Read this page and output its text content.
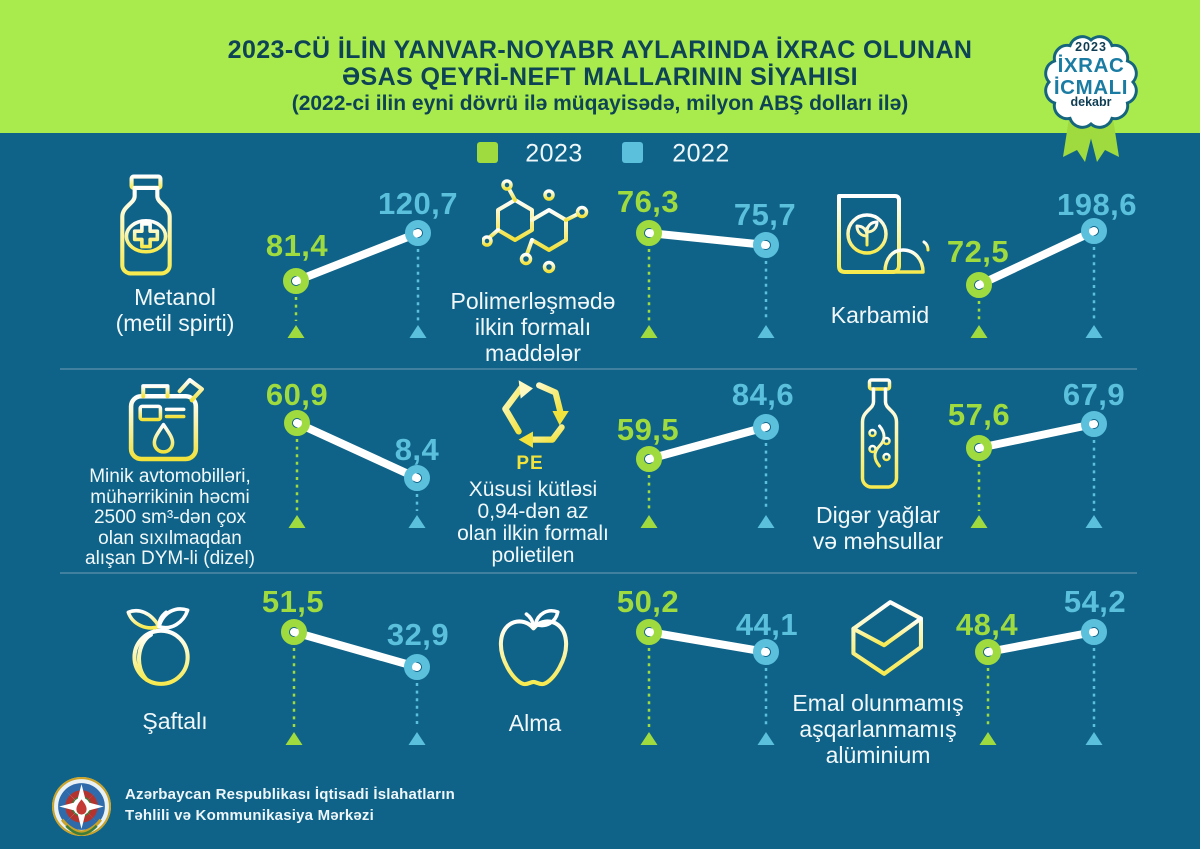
2023-CÜ İLİN YANVAR-NOYABR AYLARINDA İXRAC OLUNAN
ƏSAS QEYRİ-NEFT MALLARININ SİYAHISI
(2022-ci ilin eyni dövrü ilə müqayisədə, milyon ABŞ dolları ilə)
2023
İXRAC
İCMALI
dekabr
2023	2022
81,4
120,7	76,3 75,7
72,5
198,6
60,9
8,4
59,5
84,6
57,6
67,9
51,5
32,9
50,2
44,1	48,4
54,2
PE
Metanol
(metil spirti)
Polimerləşmədə
ilkin formalı
maddələr
Karbamid
Minik avtomobilləri,
mühərrikinin həcmi
2500 sm³-dən çox
olan sıxılmaqdan
alışan DYM-li (dizel)
Xüsusi kütləsi
0,94-dən az
olan ilkin formalı
polietilen
Digər yağlar
və məhsullar
Şaftalı	Alma
Emal olunmamış
aşqarlanmamış
alüminium
Azərbaycan Respublikası İqtisadi İslahatların
Təhlili və Kommunikasiya Mərkəzi
